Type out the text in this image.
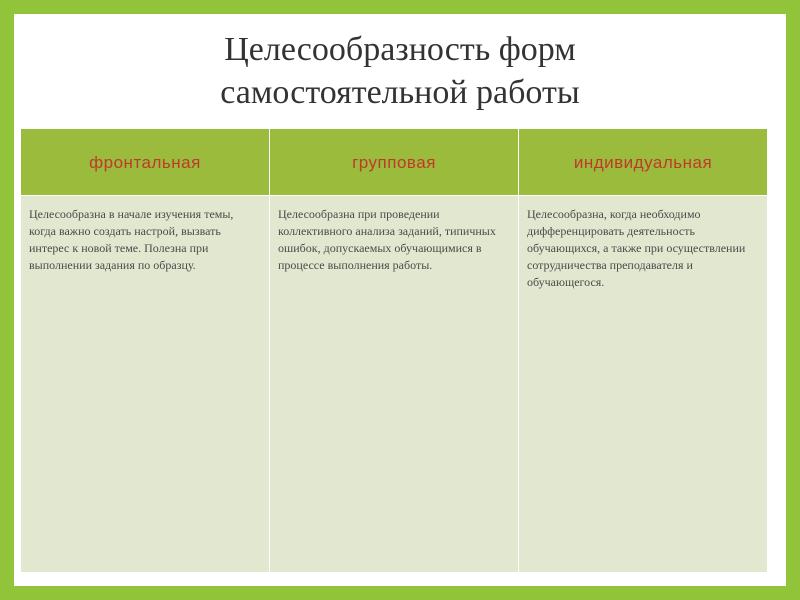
Целесообразность форм
самостоятельной работы
фронтальная	групповая	индивидуальная
Целесообразна в начале изучения темы, когда важно создать настрой, вызвать интерес к новой теме. Полезна при выполнении задания по образцу.
Целесообразна при проведении коллективного анализа заданий, типичных ошибок, допускаемых обучающимися в процессе выполнения работы.
Целесообразна, когда необходимо дифференцировать деятельность обучающихся, а также при осуществлении сотрудничества преподавателя и обучающегося.
